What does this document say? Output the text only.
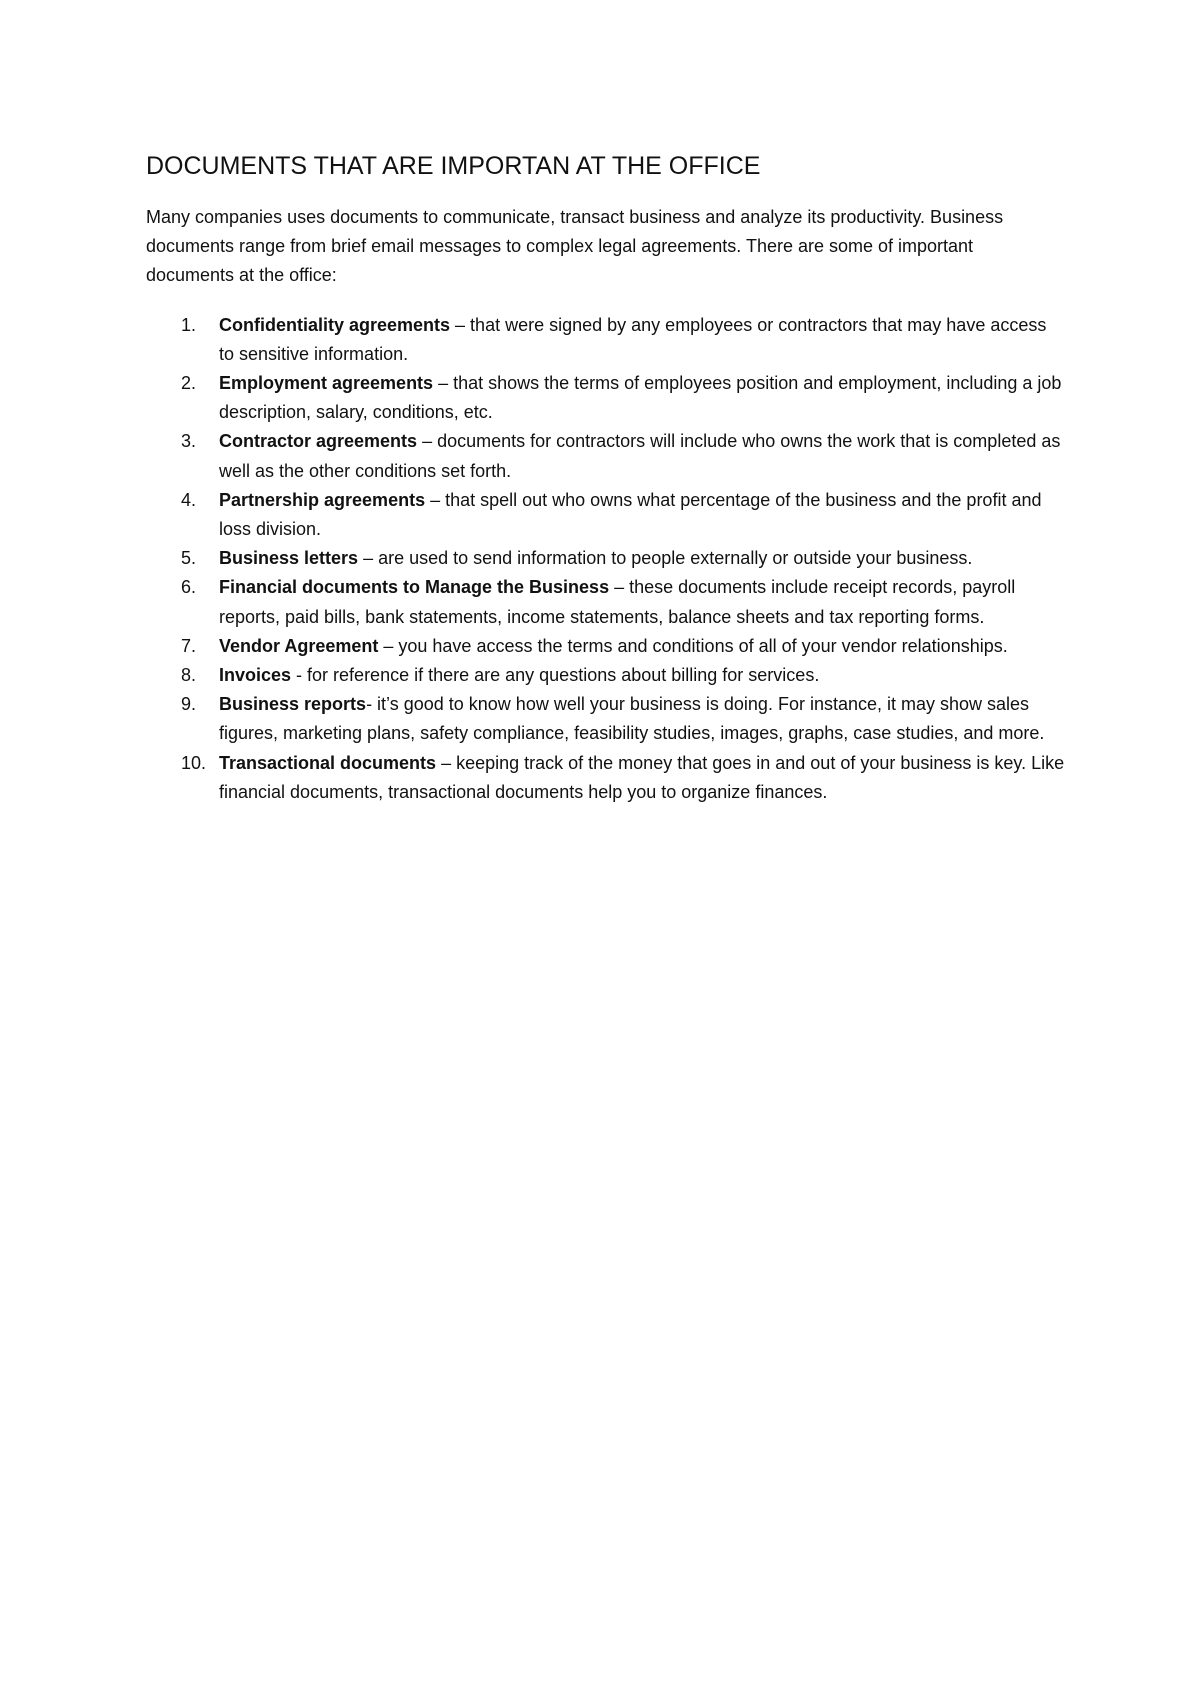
DOCUMENTS THAT ARE IMPORTAN AT THE OFFICE

Many companies uses documents to communicate, transact business and analyze its productivity. Business documents range from brief email messages to complex legal agreements. There are some of important documents at the office:

1.	Confidentiality agreements – that were signed by any employees or contractors that may have access to sensitive information.
2.	Employment agreements – that shows the terms of employees position and employment, including a job description, salary, conditions, etc.
3.	Contractor agreements – documents for contractors will include who owns the work that is completed as well as the other conditions set forth.
4.	Partnership agreements – that spell out who owns what percentage of the business and the profit and loss division.
5.	Business letters – are used to send information to people externally or outside your business.
6.	Financial documents to Manage the Business – these documents include receipt records, payroll reports, paid bills, bank statements, income statements, balance sheets and tax reporting forms.
7.	Vendor Agreement – you have access the terms and conditions of all of your vendor relationships.
8.	Invoices - for reference if there are any questions about billing for services.
9.	Business reports- it’s good to know how well your business is doing. For instance, it may show sales figures, marketing plans, safety compliance, feasibility studies, images, graphs, case studies, and more.
10. Transactional documents – keeping track of the money that goes in and out of your business is key. Like financial documents, transactional documents help you to organize finances.
